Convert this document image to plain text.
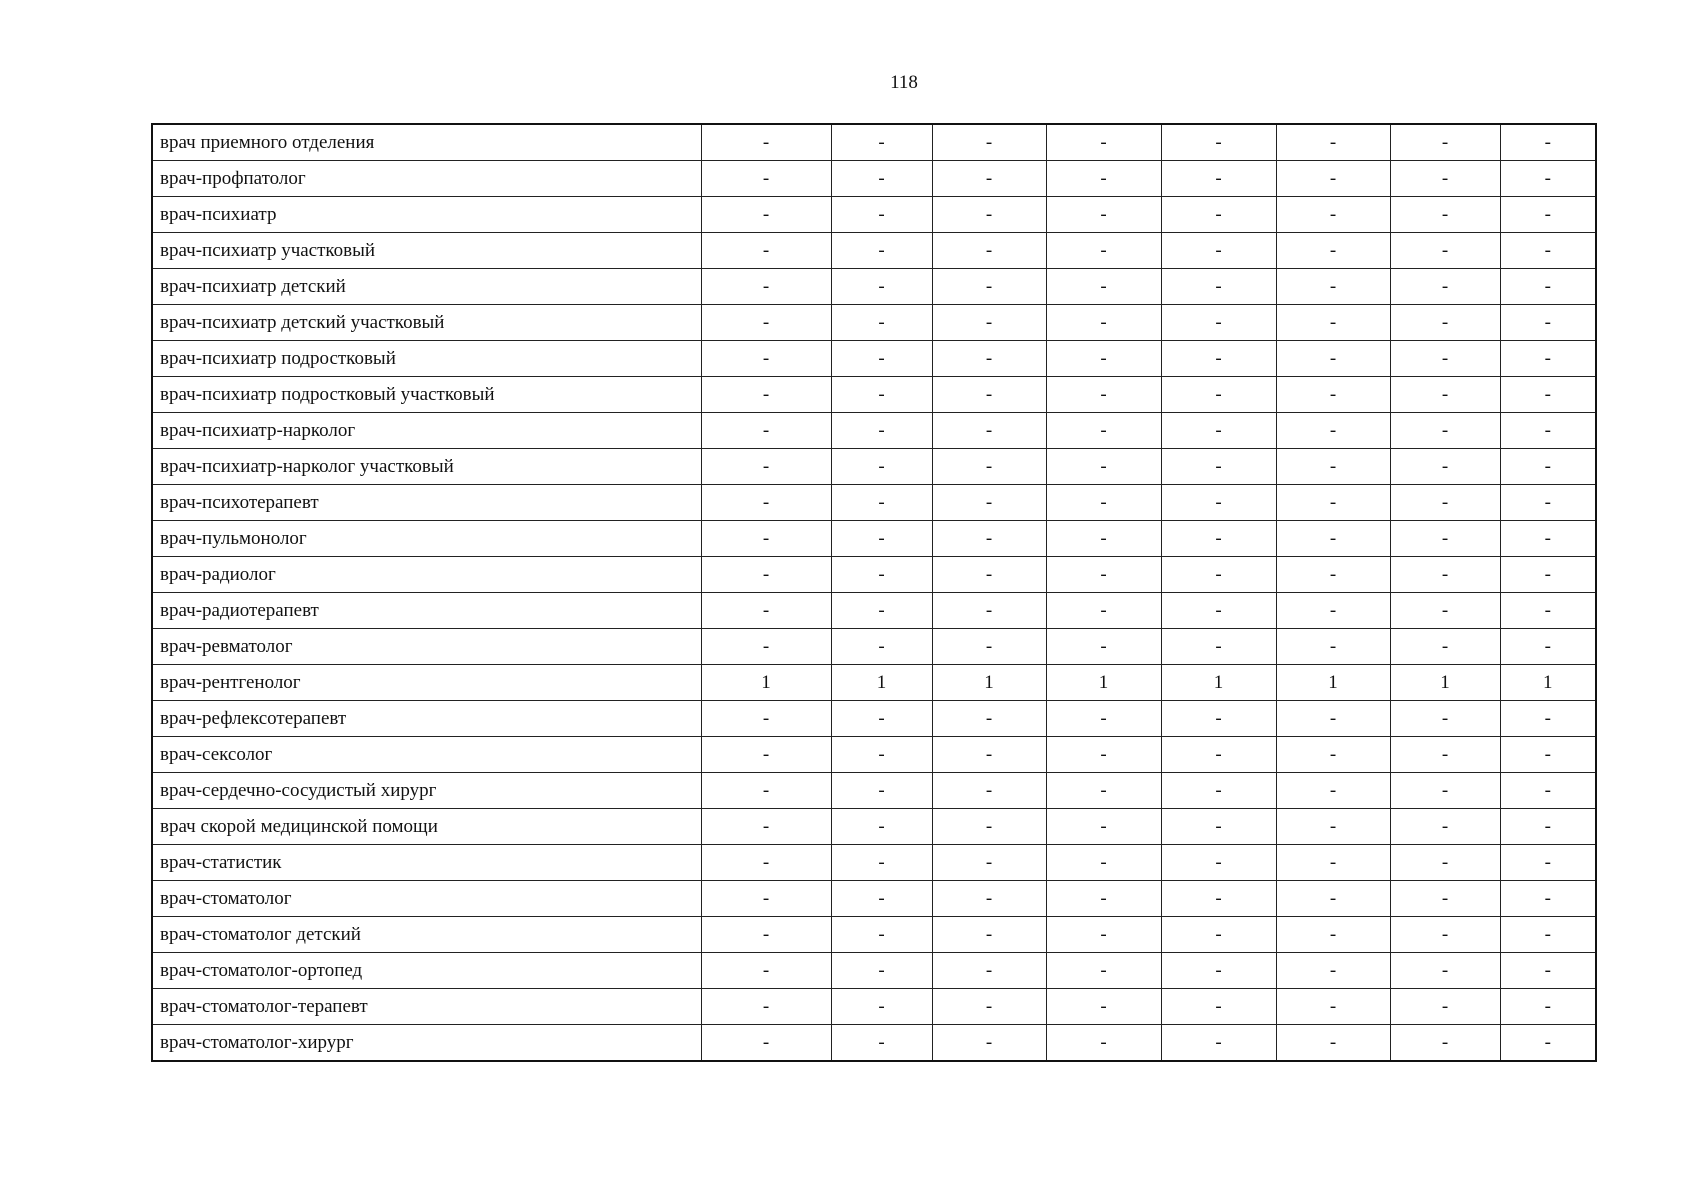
118
врач приемного отделения	-	-	-	-	-	-	-	-
врач-профпатолог	-	-	-	-	-	-	-	-
врач-психиатр	-	-	-	-	-	-	-	-
врач-психиатр участковый	-	-	-	-	-	-	-	-
врач-психиатр детский	-	-	-	-	-	-	-	-
врач-психиатр детский участковый	-	-	-	-	-	-	-	-
врач-психиатр подростковый	-	-	-	-	-	-	-	-
врач-психиатр подростковый участковый	-	-	-	-	-	-	-	-
врач-психиатр-нарколог	-	-	-	-	-	-	-	-
врач-психиатр-нарколог участковый	-	-	-	-	-	-	-	-
врач-психотерапевт	-	-	-	-	-	-	-	-
врач-пульмонолог	-	-	-	-	-	-	-	-
врач-радиолог	-	-	-	-	-	-	-	-
врач-радиотерапевт	-	-	-	-	-	-	-	-
врач-ревматолог	-	-	-	-	-	-	-	-
врач-рентгенолог	1	1	1	1	1	1	1	1
врач-рефлексотерапевт	-	-	-	-	-	-	-	-
врач-сексолог	-	-	-	-	-	-	-	-
врач-сердечно-сосудистый хирург	-	-	-	-	-	-	-	-
врач скорой медицинской помощи	-	-	-	-	-	-	-	-
врач-статистик	-	-	-	-	-	-	-	-
врач-стоматолог	-	-	-	-	-	-	-	-
врач-стоматолог детский	-	-	-	-	-	-	-	-
врач-стоматолог-ортопед	-	-	-	-	-	-	-	-
врач-стоматолог-терапевт	-	-	-	-	-	-	-	-
врач-стоматолог-хирург	-	-	-	-	-	-	-	-
